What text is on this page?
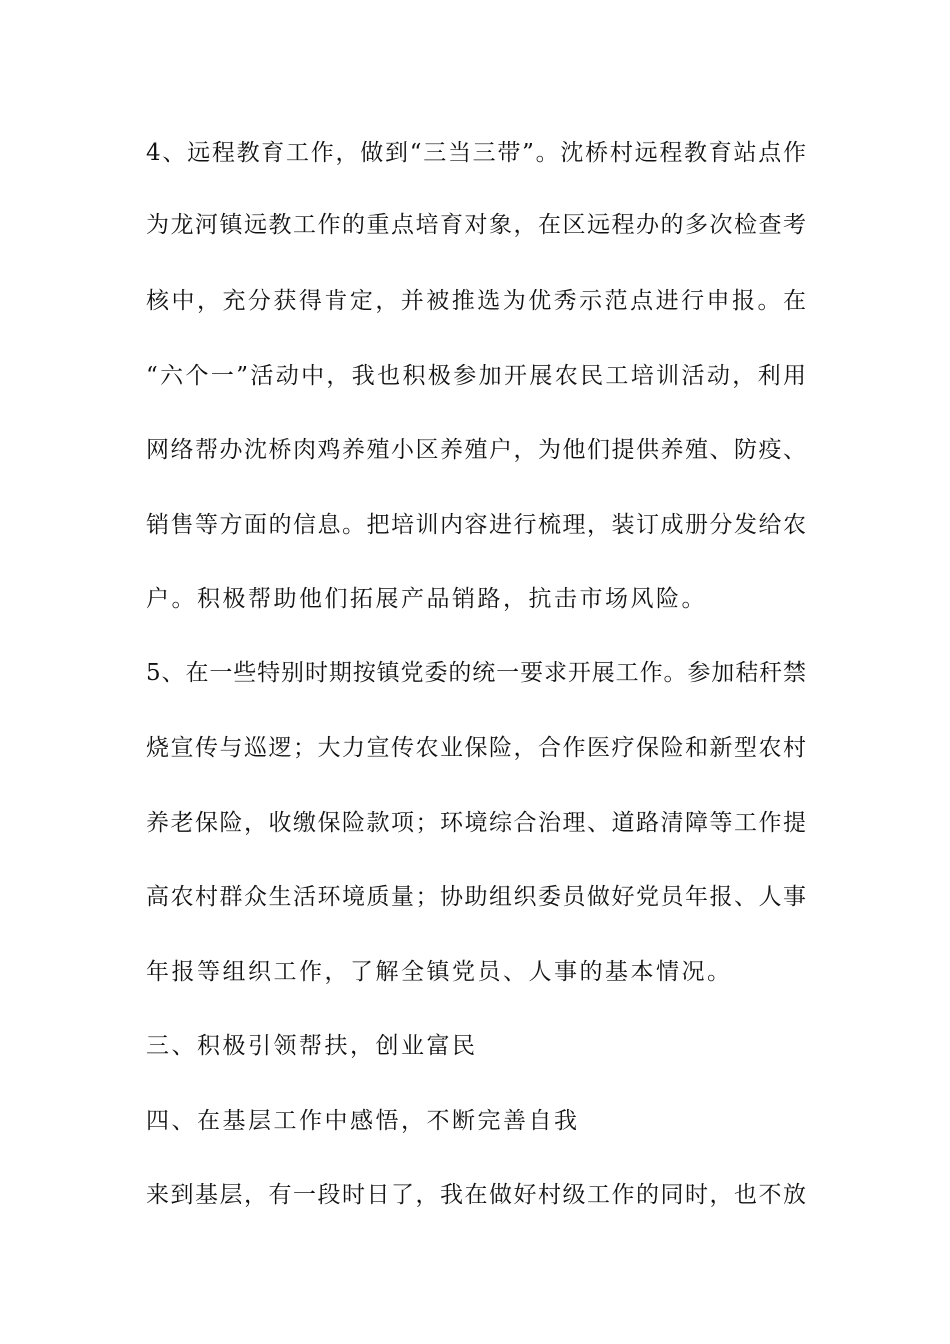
4、远程教育工作，做到“三当三带”。沈桥村远程教育站点作

为龙河镇远教工作的重点培育对象，在区远程办的多次检查考

核中，充分获得肯定，并被推选为优秀示范点进行申报。在

“六个一”活动中，我也积极参加开展农民工培训活动，利用

网络帮办沈桥肉鸡养殖小区养殖户，为他们提供养殖、防疫、

销售等方面的信息。把培训内容进行梳理，装订成册分发给农

户。积极帮助他们拓展产品销路，抗击市场风险。

5、在一些特别时期按镇党委的统一要求开展工作。参加秸秆禁

烧宣传与巡逻；大力宣传农业保险，合作医疗保险和新型农村

养老保险，收缴保险款项；环境综合治理、道路清障等工作提

高农村群众生活环境质量；协助组织委员做好党员年报、人事

年报等组织工作，了解全镇党员、人事的基本情况。

三、积极引领帮扶，创业富民

四、在基层工作中感悟，不断完善自我

来到基层，有一段时日了，我在做好村级工作的同时，也不放
